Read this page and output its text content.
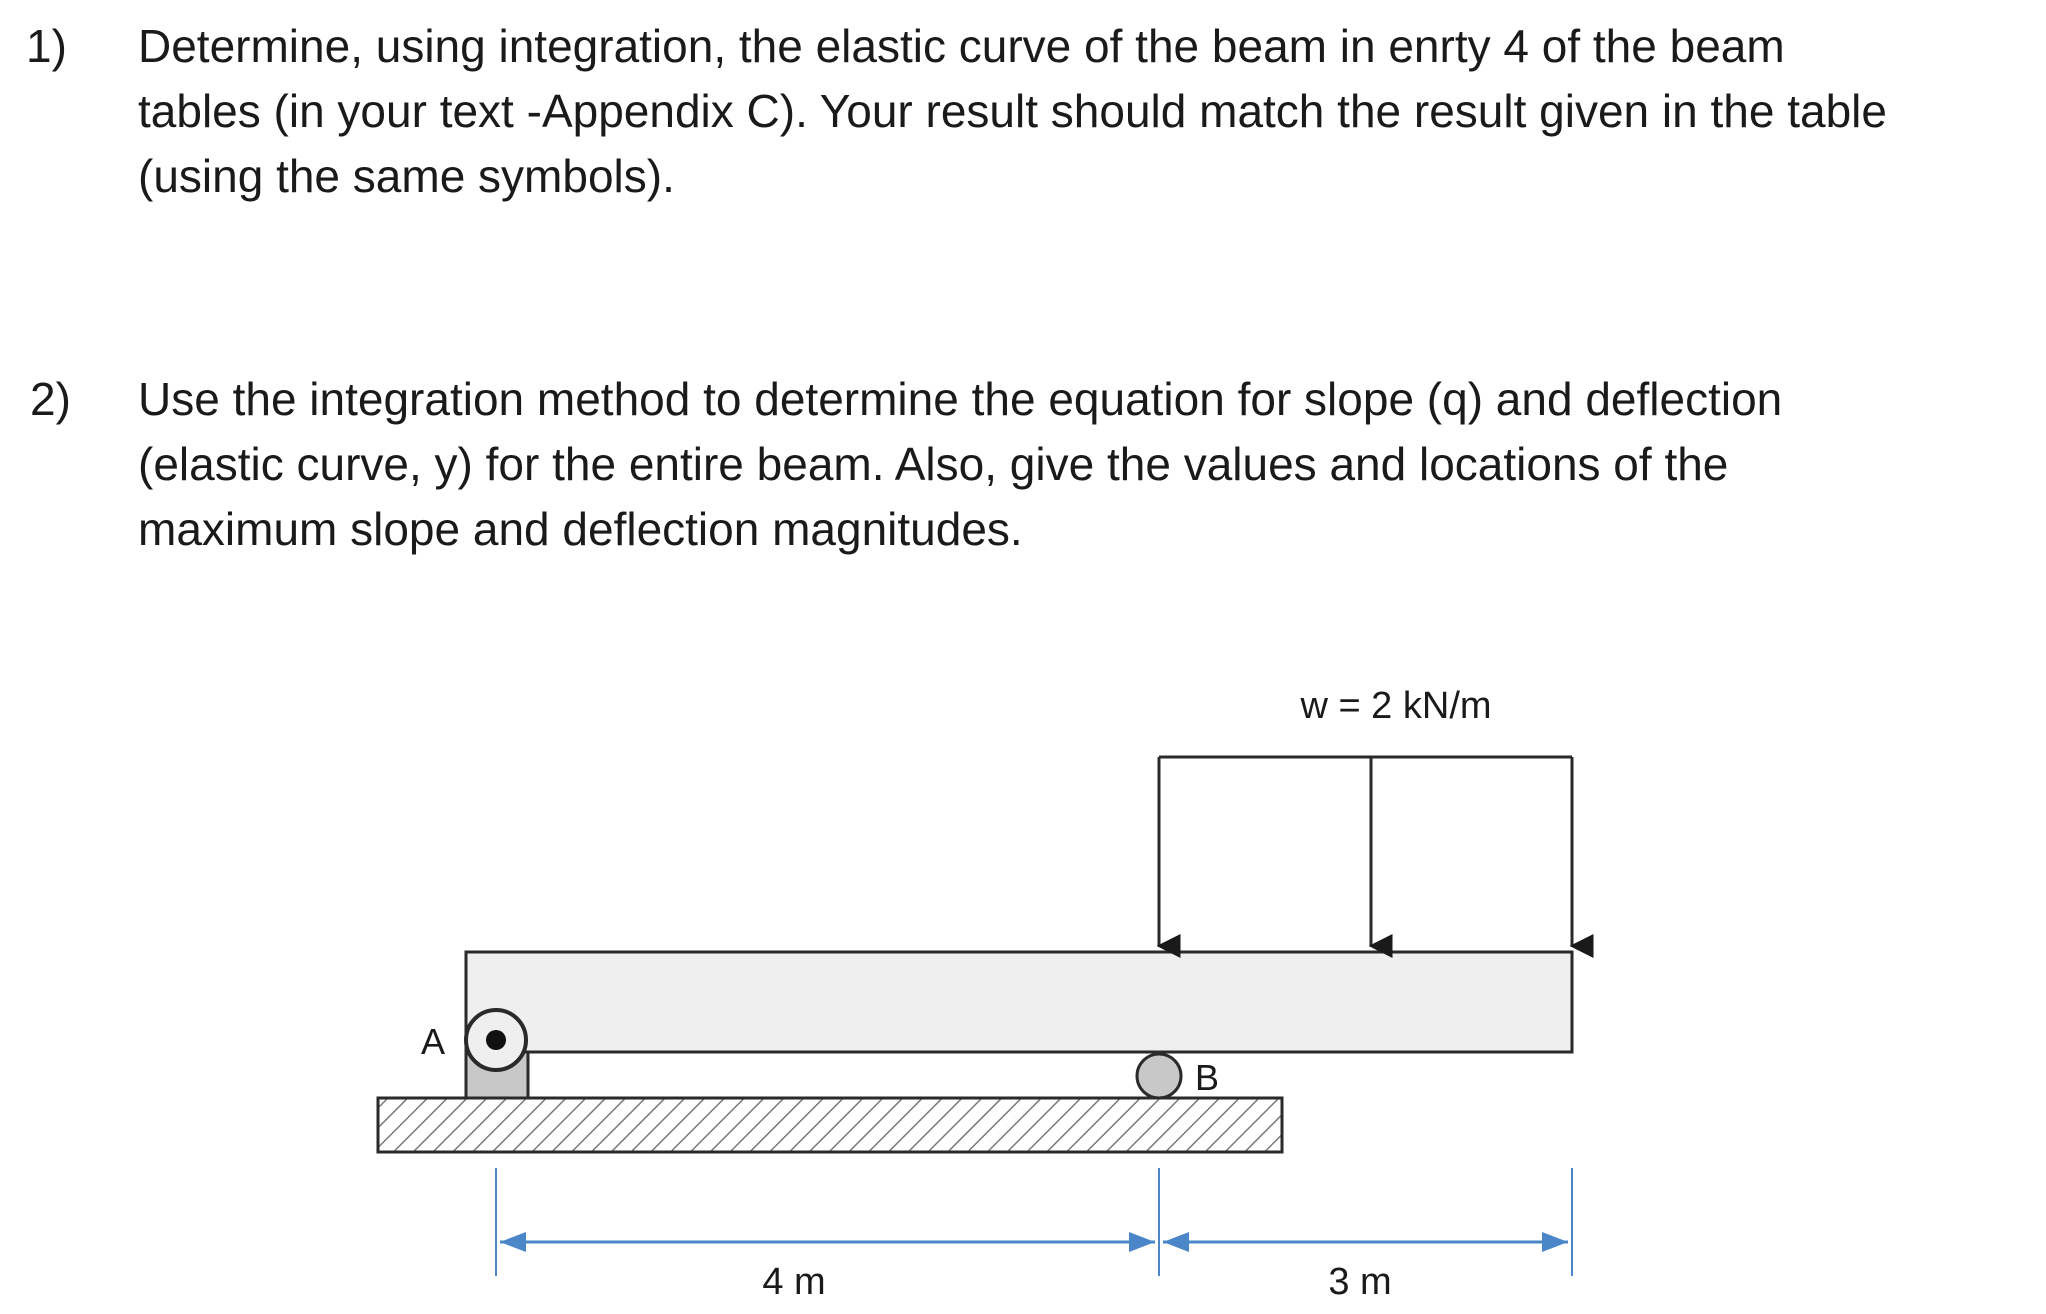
1) Determine, using integration, the elastic curve of the beam in enrty 4 of the beam
tables (in your text -Appendix C). Your result should match the result given in the table
(using the same symbols).
2) Use the integration method to determine the equation for slope (q) and deflection
(elastic curve, y) for the entire beam. Also, give the values and locations of the
maximum slope and deflection magnitudes.
w = 2 kN/m
A
B
4 m	3 m
